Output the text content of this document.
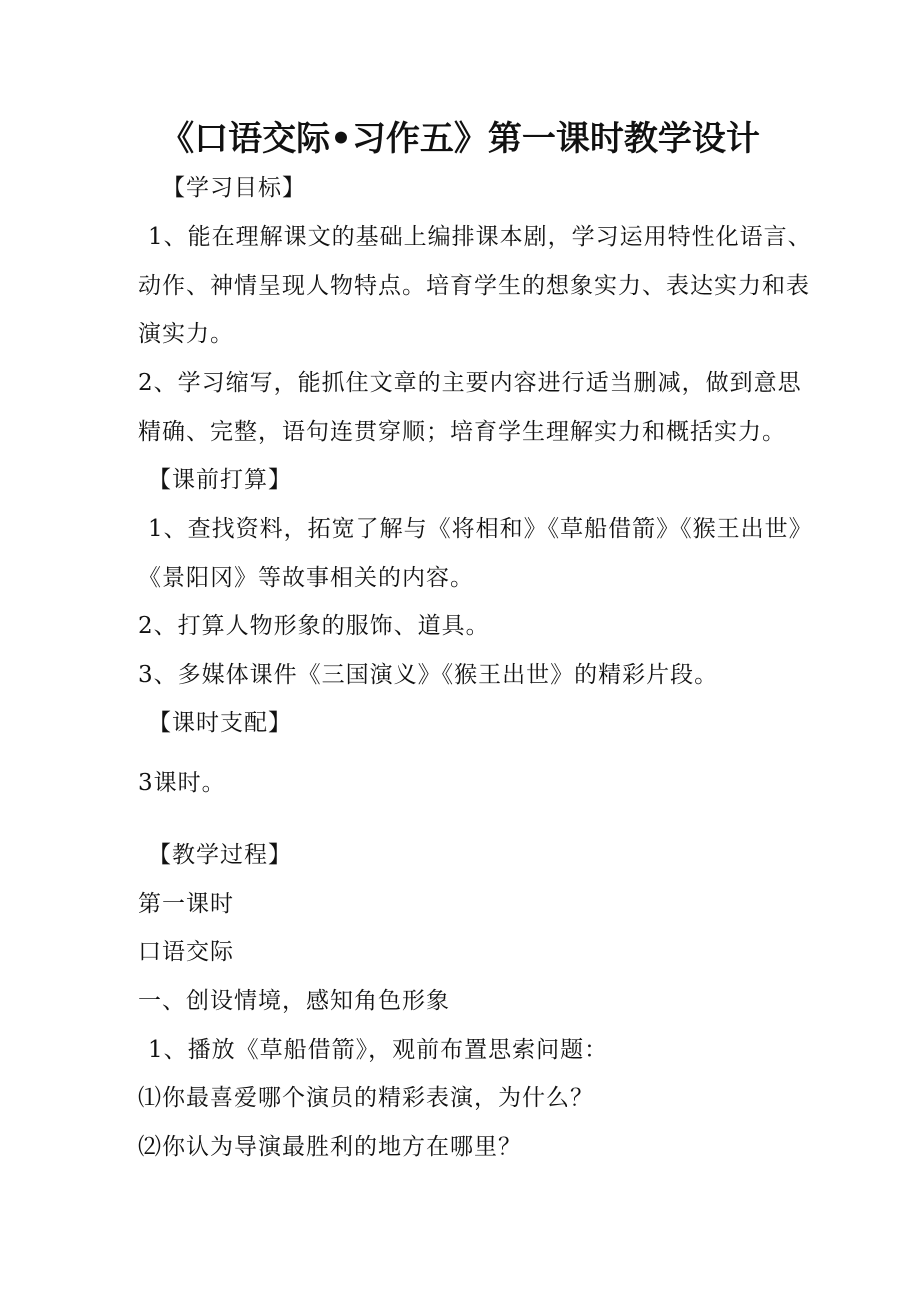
《口语交际•习作五》第一课时教学设计
【学习目标】
1、能在理解课文的基础上编排课本剧，学习运用特性化语言、
动作、神情呈现人物特点。培育学生的想象实力、表达实力和表
演实力。
2、学习缩写，能抓住文章的主要内容进行适当删减，做到意思
精确、完整，语句连贯穿顺；培育学生理解实力和概括实力。
【课前打算】
1、查找资料，拓宽了解与《将相和》《草船借箭》《猴王出世》
《景阳冈》等故事相关的内容。
2、打算人物形象的服饰、道具。
3、多媒体课件《三国演义》《猴王出世》的精彩片段。
【课时支配】
3课时。
【教学过程】
第一课时
口语交际
一、创设情境，感知角色形象
1、播放《草船借箭》，观前布置思索问题：
⑴你最喜爱哪个演员的精彩表演，为什么？
⑵你认为导演最胜利的地方在哪里？
